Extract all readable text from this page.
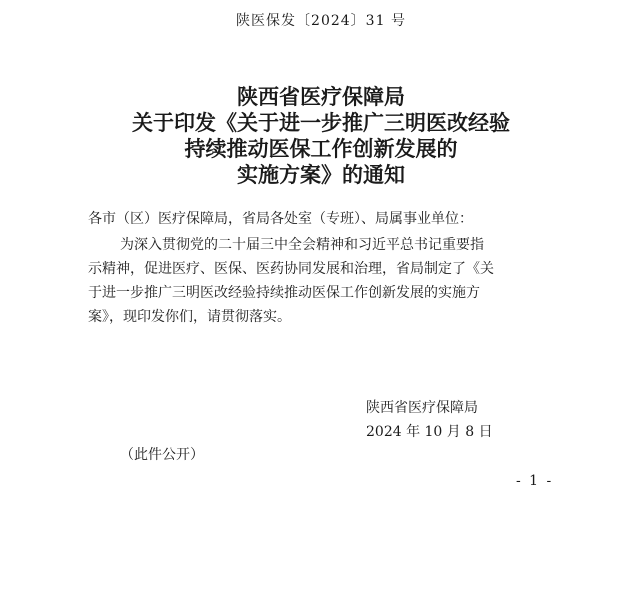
陕医保发〔2024〕31 号
陕西省医疗保障局
关于印发《关于进一步推广三明医改经验
持续推动医保工作创新发展的
实施方案》的通知
各市（区）医疗保障局，省局各处室（专班）、局属事业单位：
为深入贯彻党的二十届三中全会精神和习近平总书记重要指
示精神，促进医疗、医保、医药协同发展和治理，省局制定了《关
于进一步推广三明医改经验持续推动医保工作创新发展的实施方
案》，现印发你们，请贯彻落实。
陕西省医疗保障局
2024 年 10 月 8 日
（此件公开）
- 1 -
